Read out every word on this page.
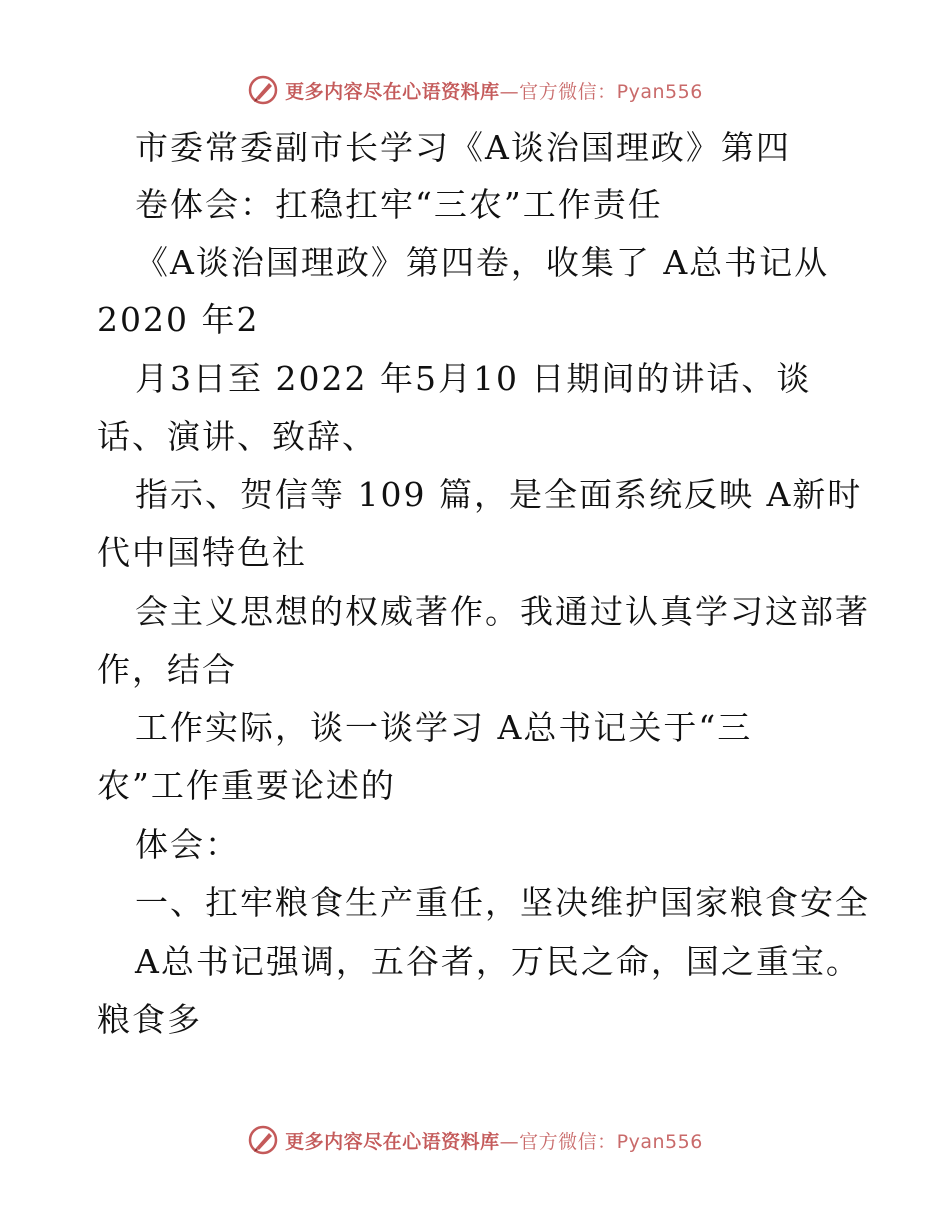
更多内容尽在心语资料库—官方微信：Pyan556
市委常委副市长学习《A谈治国理政》第四
卷体会：扛稳扛牢“三农”工作责任
《A谈治国理政》第四卷，收集了 A总书记从
2020 年2
月3日至 2022 年5月10 日期间的讲话、谈
话、演讲、致辞、
指示、贺信等 109 篇，是全面系统反映 A新时
代中国特色社
会主义思想的权威著作。我通过认真学习这部著
作，结合
工作实际，谈一谈学习 A总书记关于“三
农”工作重要论述的
体会：
一、扛牢粮食生产重任，坚决维护国家粮食安全
A总书记强调，五谷者，万民之命，国之重宝。
粮食多
更多内容尽在心语资料库—官方微信：Pyan556
